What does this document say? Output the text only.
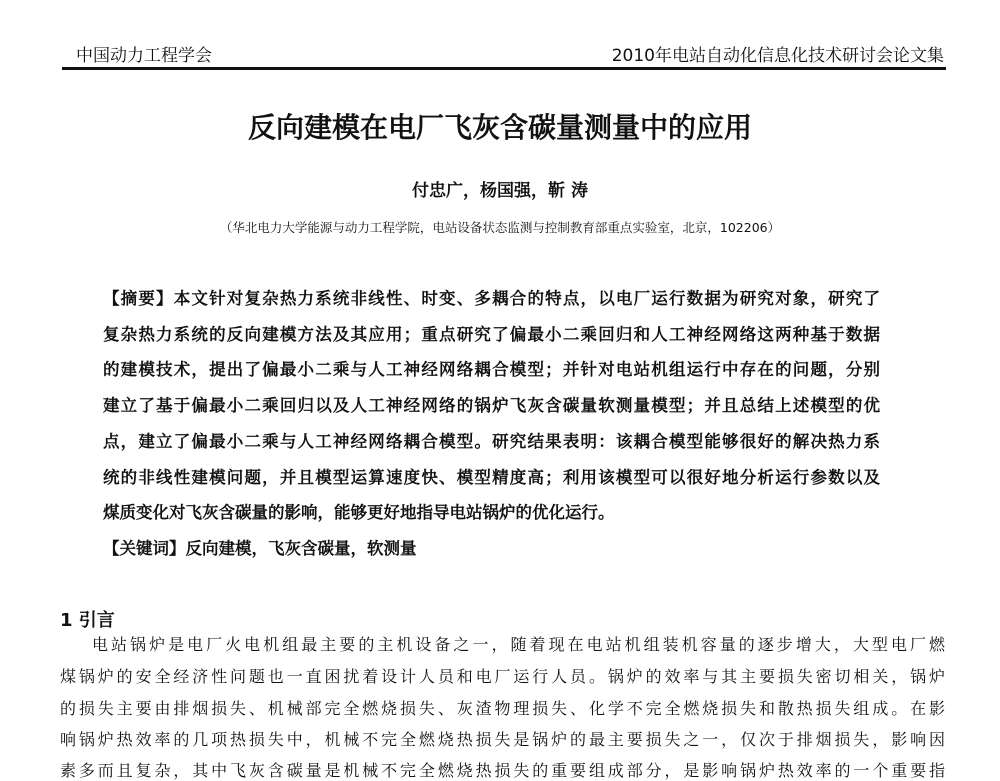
中国动力工程学会	2010年电站自动化信息化技术研讨会论文集
反向建模在电厂飞灰含碳量测量中的应用
付忠广，杨国强，靳 涛
（华北电力大学能源与动力工程学院，电站设备状态监测与控制教育部重点实验室，北京，102206）
【摘要】本文针对复杂热力系统非线性、时变、多耦合的特点，以电厂运行数据为研究对象，研究了
复杂热力系统的反向建模方法及其应用；重点研究了偏最小二乘回归和人工神经网络这两种基于数据
的建模技术，提出了偏最小二乘与人工神经网络耦合模型；并针对电站机组运行中存在的问题，分别
建立了基于偏最小二乘回归以及人工神经网络的锅炉飞灰含碳量软测量模型；并且总结上述模型的优
点，建立了偏最小二乘与人工神经网络耦合模型。研究结果表明：该耦合模型能够很好的解决热力系
统的非线性建模问题，并且模型运算速度快、模型精度高；利用该模型可以很好地分析运行参数以及
煤质变化对飞灰含碳量的影响，能够更好地指导电站锅炉的优化运行。
【关键词】反向建模，飞灰含碳量，软测量
1 引言
电站锅炉是电厂火电机组最主要的主机设备之一，随着现在电站机组装机容量的逐步增大，大型电厂燃
煤锅炉的安全经济性问题也一直困扰着设计人员和电厂运行人员。锅炉的效率与其主要损失密切相关，锅炉
的损失主要由排烟损失、机械部完全燃烧损失、灰渣物理损失、化学不完全燃烧损失和散热损失组成。在影
响锅炉热效率的几项热损失中，机械不完全燃烧热损失是锅炉的最主要损失之一，仅次于排烟损失，影响因
素多而且复杂，其中飞灰含碳量是机械不完全燃烧热损失的重要组成部分，是影响锅炉热效率的一个重要指
